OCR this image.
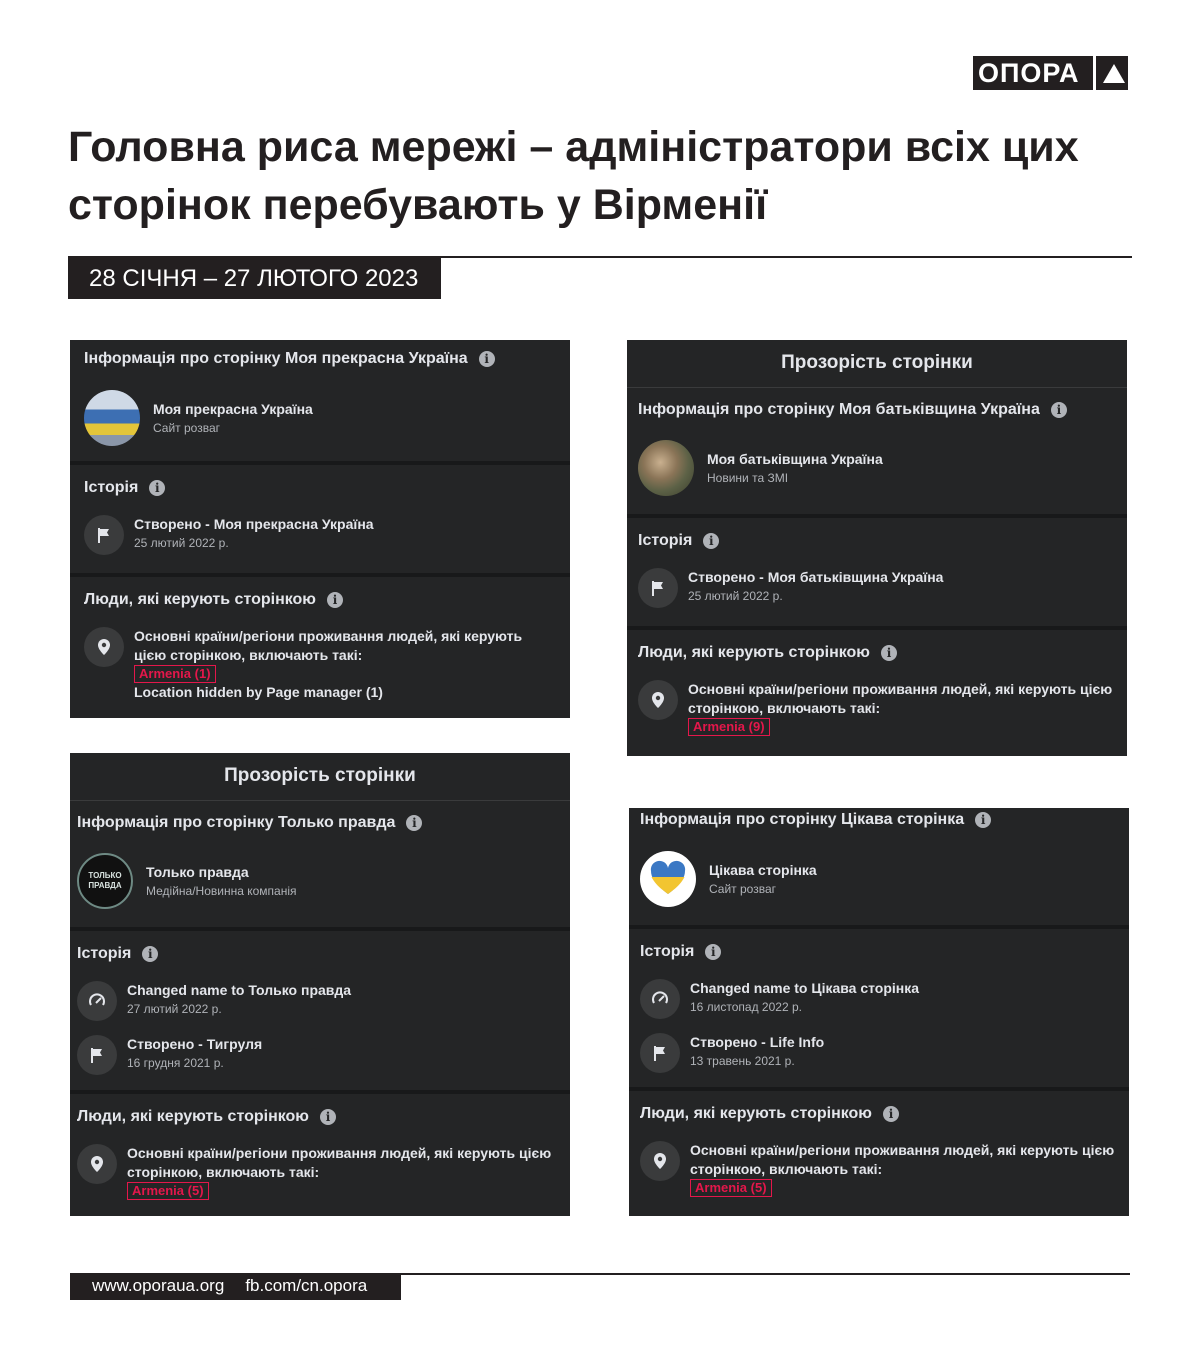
ОПОРА
Головна риса мережі – адміністратори всіх цих сторінок перебувають у Вірменії
28 СІЧНЯ – 27 ЛЮТОГО 2023
Інформація про сторінку Моя прекрасна Україна	i
Моя прекрасна Україна
Сайт розваг
Історія	i
Створено - Моя прекрасна Україна
25 лютий 2022 р.
Люди, які керують сторінкою	i
Основні країни/регіони проживання людей, які керують цією сторінкою, включають такі:
Armenia (1)
Location hidden by Page manager (1)
Прозорість сторінки
Інформація про сторінку Моя батьківщина Україна	i
Моя батьківщина Україна
Новини та ЗМІ
Історія	i
Створено - Моя батьківщина Україна
25 лютий 2022 р.
Люди, які керують сторінкою	i
Основні країни/регіони проживання людей, які керують цією сторінкою, включають такі:
Armenia (9)
Прозорість сторінки
Інформація про сторінку Только правда	i
ТОЛЬКО ПРАВДА
Только правда
Медійна/Новинна компанія
Історія	i
Changed name to Только правда
27 лютий 2022 р.
Створено - Тигруля
16 грудня 2021 р.
Люди, які керують сторінкою	i
Основні країни/регіони проживання людей, які керують цією сторінкою, включають такі:
Armenia (5)
Інформація про сторінку Цікава сторінка	i
Цікава сторінка
Сайт розваг
Історія	i
Changed name to Цікава сторінка
16 листопад 2022 р.
Створено - Life Info
13 травень 2021 р.
Люди, які керують сторінкою	i
Основні країни/регіони проживання людей, які керують цією сторінкою, включають такі:
Armenia (5)
www.oporaua.org fb.com/cn.opora
